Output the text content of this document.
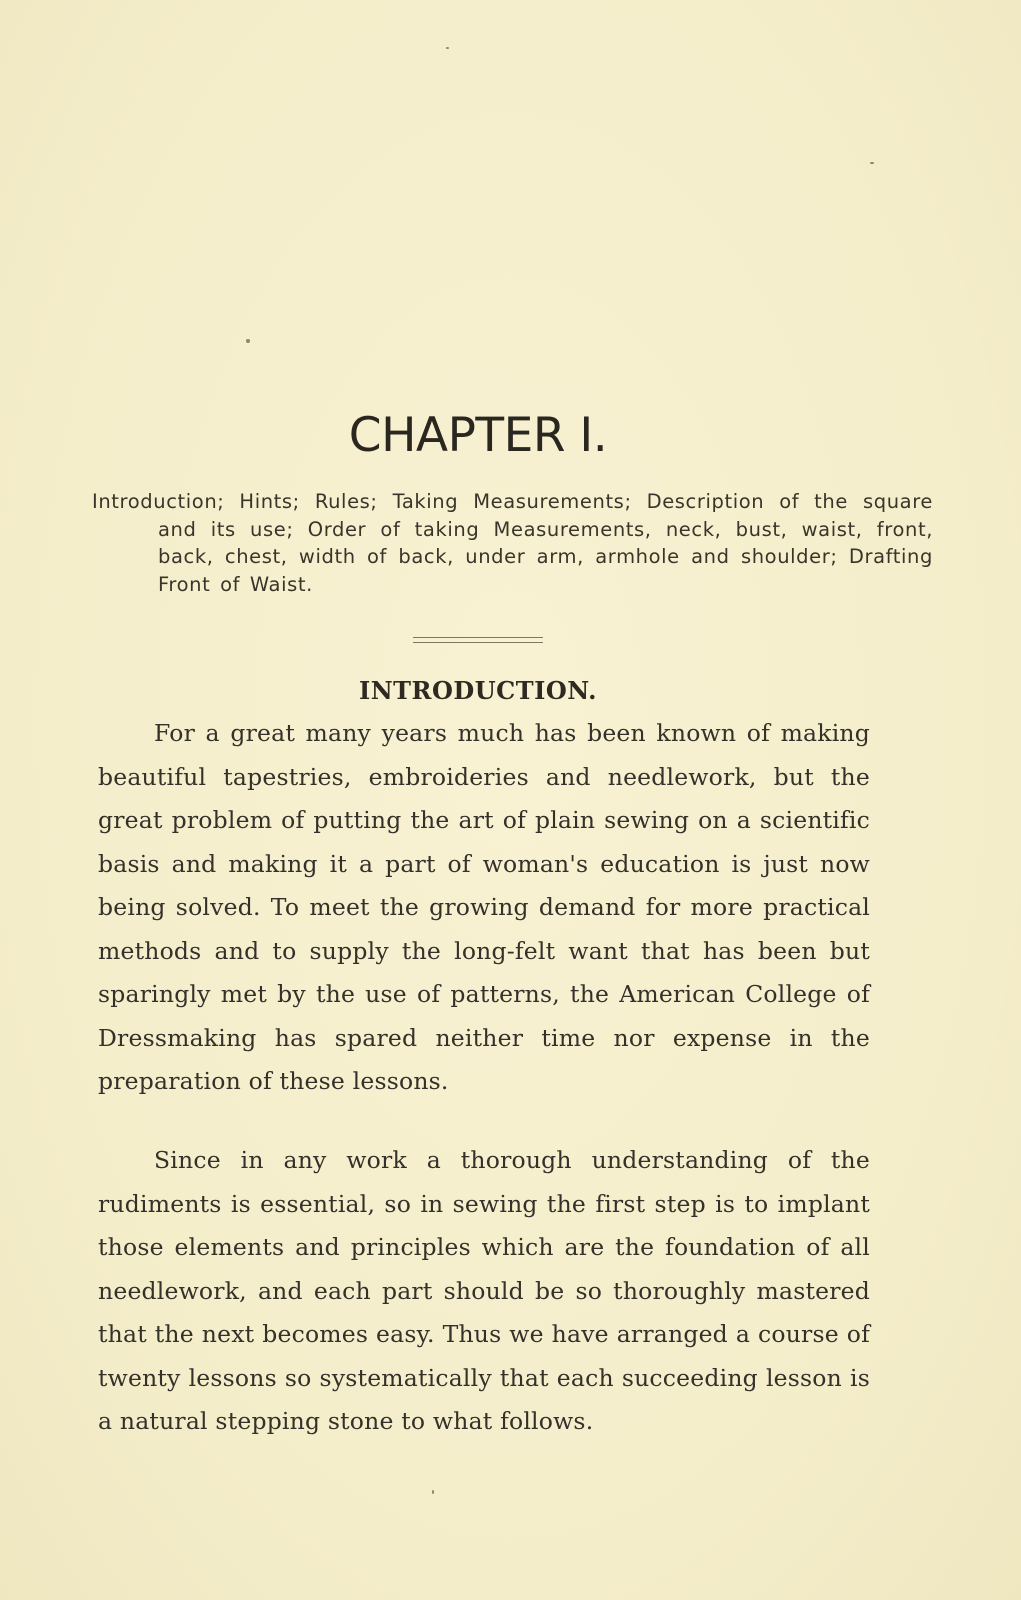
CHAPTER I.

Introduction; Hints; Rules; Taking Measurements; Description of the square and its use; Order of taking Measurements, neck, bust, waist, front, back, chest, width of back, under arm, armhole and shoulder; Drafting Front of Waist.

INTRODUCTION.

For a great many years much has been known of making beautiful tapestries, embroideries and needlework, but the great problem of putting the art of plain sewing on a scientific basis and making it a part of woman's education is just now being solved. To meet the growing demand for more practical methods and to supply the long-felt want that has been but sparingly met by the use of patterns, the American College of Dressmaking has spared neither time nor expense in the preparation of these lessons.

Since in any work a thorough understanding of the rudiments is essential, so in sewing the first step is to implant those elements and principles which are the foundation of all needlework, and each part should be so thoroughly mastered that the next becomes easy. Thus we have arranged a course of twenty lessons so systematically that each succeeding lesson is a natural stepping stone to what follows.
